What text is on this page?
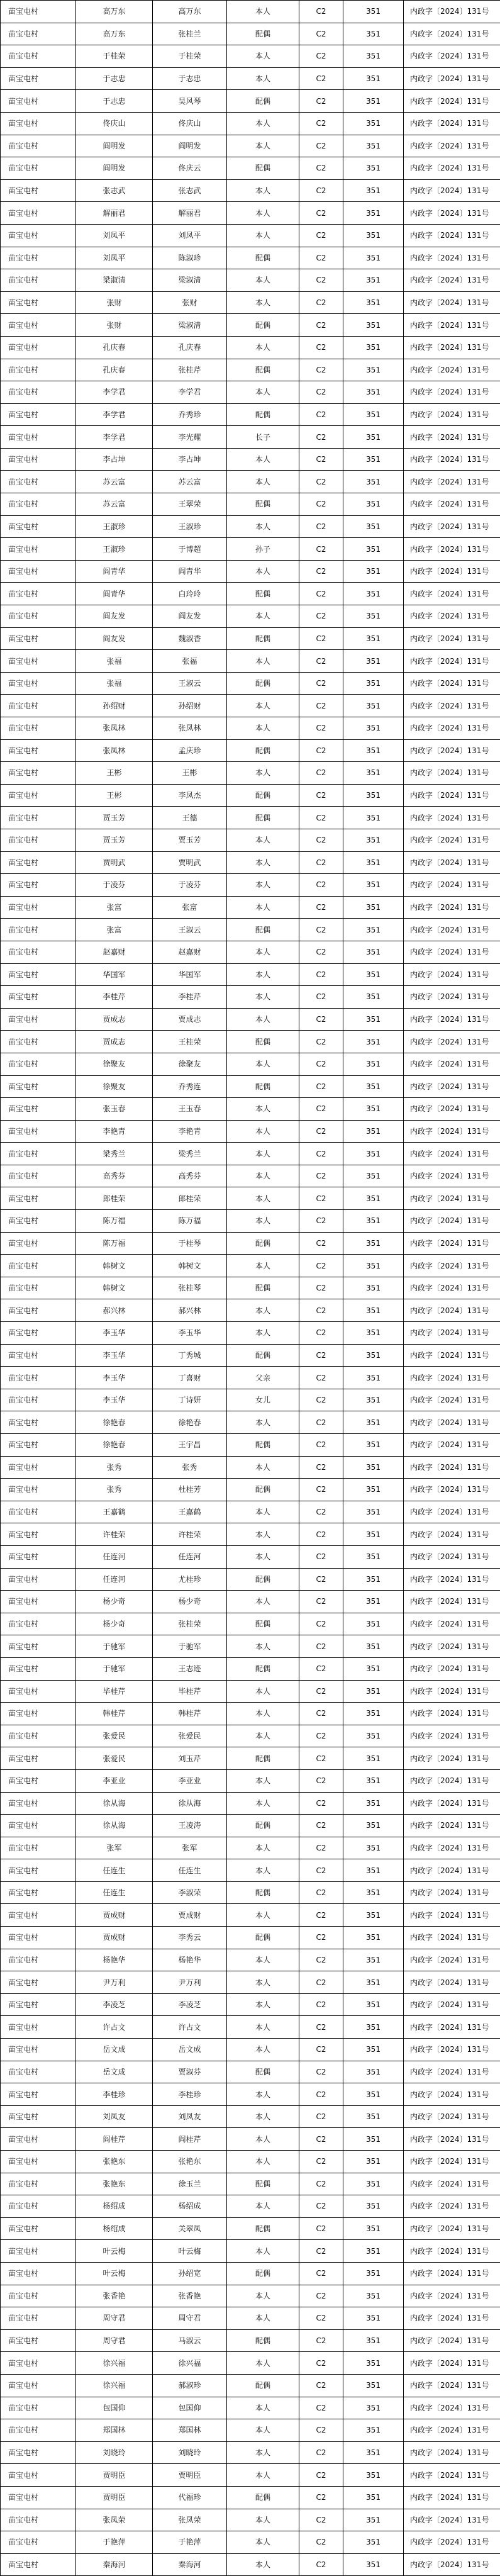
苗宝屯村	高万东	高万东	本人	C2	351	内政字〔2024〕131号
苗宝屯村	高万东	张桂兰	配偶	C2	351	内政字〔2024〕131号
苗宝屯村	于桂荣	于桂荣	本人	C2	351	内政字〔2024〕131号
苗宝屯村	于志忠	于志忠	本人	C2	351	内政字〔2024〕131号
苗宝屯村	于志忠	吴风琴	配偶	C2	351	内政字〔2024〕131号
苗宝屯村	佟庆山	佟庆山	本人	C2	351	内政字〔2024〕131号
苗宝屯村	阎明发	阎明发	本人	C2	351	内政字〔2024〕131号
苗宝屯村	阎明发	佟庆云	配偶	C2	351	内政字〔2024〕131号
苗宝屯村	张志武	张志武	本人	C2	351	内政字〔2024〕131号
苗宝屯村	解丽君	解丽君	本人	C2	351	内政字〔2024〕131号
苗宝屯村	刘凤平	刘凤平	本人	C2	351	内政字〔2024〕131号
苗宝屯村	刘凤平	陈淑珍	配偶	C2	351	内政字〔2024〕131号
苗宝屯村	梁淑清	梁淑清	本人	C2	351	内政字〔2024〕131号
苗宝屯村	张财	张财	本人	C2	351	内政字〔2024〕131号
苗宝屯村	张财	梁淑清	配偶	C2	351	内政字〔2024〕131号
苗宝屯村	孔庆春	孔庆春	本人	C2	351	内政字〔2024〕131号
苗宝屯村	孔庆春	张桂芹	配偶	C2	351	内政字〔2024〕131号
苗宝屯村	李学君	李学君	本人	C2	351	内政字〔2024〕131号
苗宝屯村	李学君	乔秀珍	配偶	C2	351	内政字〔2024〕131号
苗宝屯村	李学君	李光耀	长子	C2	351	内政字〔2024〕131号
苗宝屯村	李占坤	李占坤	本人	C2	351	内政字〔2024〕131号
苗宝屯村	苏云富	苏云富	本人	C2	351	内政字〔2024〕131号
苗宝屯村	苏云富	王翠荣	配偶	C2	351	内政字〔2024〕131号
苗宝屯村	王淑珍	王淑珍	本人	C2	351	内政字〔2024〕131号
苗宝屯村	王淑珍	于博超	孙子	C2	351	内政字〔2024〕131号
苗宝屯村	阎青华	阎青华	本人	C2	351	内政字〔2024〕131号
苗宝屯村	阎青华	白玲玲	配偶	C2	351	内政字〔2024〕131号
苗宝屯村	阎友发	阎友发	本人	C2	351	内政字〔2024〕131号
苗宝屯村	阎友发	魏淑香	配偶	C2	351	内政字〔2024〕131号
苗宝屯村	张福	张福	本人	C2	351	内政字〔2024〕131号
苗宝屯村	张福	王淑云	配偶	C2	351	内政字〔2024〕131号
苗宝屯村	孙绍财	孙绍财	本人	C2	351	内政字〔2024〕131号
苗宝屯村	张凤林	张凤林	本人	C2	351	内政字〔2024〕131号
苗宝屯村	张凤林	孟庆珍	配偶	C2	351	内政字〔2024〕131号
苗宝屯村	王彬	王彬	本人	C2	351	内政字〔2024〕131号
苗宝屯村	王彬	李凤杰	配偶	C2	351	内政字〔2024〕131号
苗宝屯村	贾玉芳	王德	配偶	C2	351	内政字〔2024〕131号
苗宝屯村	贾玉芳	贾玉芳	本人	C2	351	内政字〔2024〕131号
苗宝屯村	贾明武	贾明武	本人	C2	351	内政字〔2024〕131号
苗宝屯村	于凌芬	于凌芬	本人	C2	351	内政字〔2024〕131号
苗宝屯村	张富	张富	本人	C2	351	内政字〔2024〕131号
苗宝屯村	张富	王淑云	配偶	C2	351	内政字〔2024〕131号
苗宝屯村	赵嘉财	赵嘉财	本人	C2	351	内政字〔2024〕131号
苗宝屯村	华国军	华国军	本人	C2	351	内政字〔2024〕131号
苗宝屯村	李桂芹	李桂芹	本人	C2	351	内政字〔2024〕131号
苗宝屯村	贾成志	贾成志	本人	C2	351	内政字〔2024〕131号
苗宝屯村	贾成志	王桂荣	配偶	C2	351	内政字〔2024〕131号
苗宝屯村	徐聚友	徐聚友	本人	C2	351	内政字〔2024〕131号
苗宝屯村	徐聚友	乔秀连	配偶	C2	351	内政字〔2024〕131号
苗宝屯村	张玉春	王玉春	本人	C2	351	内政字〔2024〕131号
苗宝屯村	李艳青	李艳青	本人	C2	351	内政字〔2024〕131号
苗宝屯村	梁秀兰	梁秀兰	本人	C2	351	内政字〔2024〕131号
苗宝屯村	高秀芬	高秀芬	本人	C2	351	内政字〔2024〕131号
苗宝屯村	郎桂荣	郎桂荣	本人	C2	351	内政字〔2024〕131号
苗宝屯村	陈万福	陈万福	本人	C2	351	内政字〔2024〕131号
苗宝屯村	陈万福	于桂琴	配偶	C2	351	内政字〔2024〕131号
苗宝屯村	韩树文	韩树文	本人	C2	351	内政字〔2024〕131号
苗宝屯村	韩树文	张桂琴	配偶	C2	351	内政字〔2024〕131号
苗宝屯村	郝兴林	郝兴林	本人	C2	351	内政字〔2024〕131号
苗宝屯村	李玉华	李玉华	本人	C2	351	内政字〔2024〕131号
苗宝屯村	李玉华	丁秀城	配偶	C2	351	内政字〔2024〕131号
苗宝屯村	李玉华	丁喜财	父亲	C2	351	内政字〔2024〕131号
苗宝屯村	李玉华	丁诗妍	女儿	C2	351	内政字〔2024〕131号
苗宝屯村	徐艳春	徐艳春	本人	C2	351	内政字〔2024〕131号
苗宝屯村	徐艳春	王宇昌	配偶	C2	351	内政字〔2024〕131号
苗宝屯村	张秀	张秀	本人	C2	351	内政字〔2024〕131号
苗宝屯村	张秀	杜桂芳	配偶	C2	351	内政字〔2024〕131号
苗宝屯村	王嘉鹤	王嘉鹤	本人	C2	351	内政字〔2024〕131号
苗宝屯村	许桂荣	许桂荣	本人	C2	351	内政字〔2024〕131号
苗宝屯村	任连河	任连河	本人	C2	351	内政字〔2024〕131号
苗宝屯村	任连河	尤桂珍	配偶	C2	351	内政字〔2024〕131号
苗宝屯村	杨少奇	杨少奇	本人	C2	351	内政字〔2024〕131号
苗宝屯村	杨少奇	张桂荣	配偶	C2	351	内政字〔2024〕131号
苗宝屯村	于驰军	于驰军	本人	C2	351	内政字〔2024〕131号
苗宝屯村	于驰军	王志迹	配偶	C2	351	内政字〔2024〕131号
苗宝屯村	毕桂芹	毕桂芹	本人	C2	351	内政字〔2024〕131号
苗宝屯村	韩桂芹	韩桂芹	本人	C2	351	内政字〔2024〕131号
苗宝屯村	张爱民	张爱民	本人	C2	351	内政字〔2024〕131号
苗宝屯村	张爱民	刘玉芹	配偶	C2	351	内政字〔2024〕131号
苗宝屯村	李亚业	李亚业	本人	C2	351	内政字〔2024〕131号
苗宝屯村	徐从海	徐从海	本人	C2	351	内政字〔2024〕131号
苗宝屯村	徐从海	王凌涛	配偶	C2	351	内政字〔2024〕131号
苗宝屯村	张军	张军	本人	C2	351	内政字〔2024〕131号
苗宝屯村	任连生	任连生	本人	C2	351	内政字〔2024〕131号
苗宝屯村	任连生	李淑荣	配偶	C2	351	内政字〔2024〕131号
苗宝屯村	贾成财	贾成财	本人	C2	351	内政字〔2024〕131号
苗宝屯村	贾成财	李秀云	配偶	C2	351	内政字〔2024〕131号
苗宝屯村	杨艳华	杨艳华	本人	C2	351	内政字〔2024〕131号
苗宝屯村	尹万利	尹万利	本人	C2	351	内政字〔2024〕131号
苗宝屯村	李凌芝	李凌芝	本人	C2	351	内政字〔2024〕131号
苗宝屯村	许占文	许占文	本人	C2	351	内政字〔2024〕131号
苗宝屯村	岳文成	岳文成	本人	C2	351	内政字〔2024〕131号
苗宝屯村	岳文成	贾淑芬	配偶	C2	351	内政字〔2024〕131号
苗宝屯村	李桂珍	李桂珍	本人	C2	351	内政字〔2024〕131号
苗宝屯村	刘凤友	刘凤友	本人	C2	351	内政字〔2024〕131号
苗宝屯村	阎桂芹	阎桂芹	本人	C2	351	内政字〔2024〕131号
苗宝屯村	张艳东	张艳东	本人	C2	351	内政字〔2024〕131号
苗宝屯村	张艳东	徐玉兰	配偶	C2	351	内政字〔2024〕131号
苗宝屯村	杨绍成	杨绍成	本人	C2	351	内政字〔2024〕131号
苗宝屯村	杨绍成	关翠凤	配偶	C2	351	内政字〔2024〕131号
苗宝屯村	叶云梅	叶云梅	本人	C2	351	内政字〔2024〕131号
苗宝屯村	叶云梅	孙绍宽	配偶	C2	351	内政字〔2024〕131号
苗宝屯村	张香艳	张香艳	本人	C2	351	内政字〔2024〕131号
苗宝屯村	周守君	周守君	本人	C2	351	内政字〔2024〕131号
苗宝屯村	周守君	马淑云	配偶	C2	351	内政字〔2024〕131号
苗宝屯村	徐兴福	徐兴福	本人	C2	351	内政字〔2024〕131号
苗宝屯村	徐兴福	郝淑珍	配偶	C2	351	内政字〔2024〕131号
苗宝屯村	包国仰	包国仰	本人	C2	351	内政字〔2024〕131号
苗宝屯村	郑国林	郑国林	本人	C2	351	内政字〔2024〕131号
苗宝屯村	刘晓玲	刘晓玲	本人	C2	351	内政字〔2024〕131号
苗宝屯村	贾明臣	贾明臣	本人	C2	351	内政字〔2024〕131号
苗宝屯村	贾明臣	代福珍	配偶	C2	351	内政字〔2024〕131号
苗宝屯村	张凤荣	张凤荣	本人	C2	351	内政字〔2024〕131号
苗宝屯村	于艳萍	于艳萍	本人	C2	351	内政字〔2024〕131号
苗宝屯村	秦海河	秦海河	本人	C2	351	内政字〔2024〕131号
